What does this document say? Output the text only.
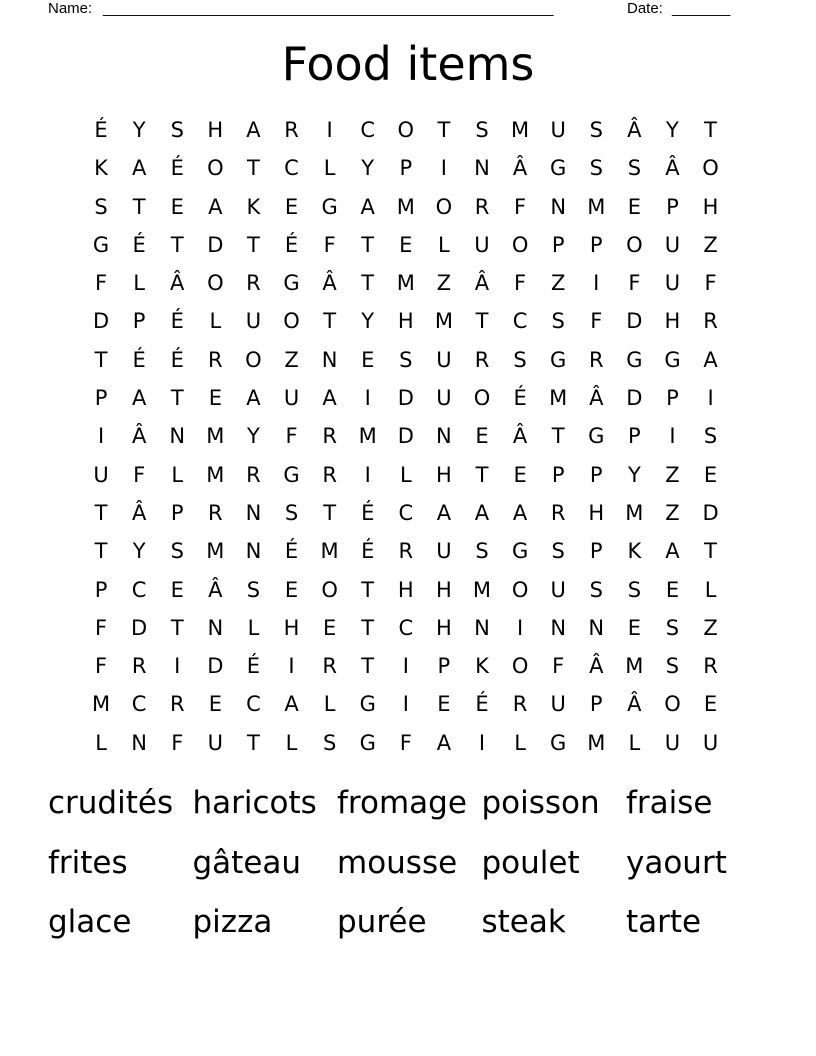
Name: ______________________________________________________	Date: _______
Food items
É	Y	S	H	A	R	I	C	O	T	S	M	U	S	Â	Y	T
K	A	É	O	T	C	L	Y	P	I	N	Â	G	S	S	Â	O
S	T	E	A	K	E	G	A	M O	R	F	N	M	E	P	H
G	É	T	D	T	É	F	T	E	L	U	O	P	P	O	U	Z
F	L	Â	O	R	G	Â	T	M	Z	Â	F	Z	I	F	U	F
D	P	É	L	U	O	T	Y	H	M	T	C	S	F	D	H	R
T	É	É	R	O	Z	N	E	S	U	R	S	G	R	G	G	A
P	A	T	E	A	U	A	I	D	U	O	É	M	Â	D	P	I
I	Â	N	M	Y	F	R	M D	N	E	Â	T	G	P	I	S
U	F	L	M	R	G	R	I	L	H	T	E	P	P	Y	Z	E
T	Â	P	R	N	S	T	É	C	A	A	A	R	H	M	Z	D
T	Y	S	M	N	É	M	É	R	U	S	G	S	P	K	A	T
P	C	E	Â	S	E	O	T	H	H	M O	U	S	S	E	L
F	D	T	N	L	H	E	T	C	H	N	I	N	N	E	S	Z
F	R	I	D	É	I	R	T	I	P	K	O	F	Â	M	S	R
M	C	R	E	C	A	L	G	I	E	É	R	U	P	Â	O	E
L	N	F	U	T	L	S	G	F	A	I	L	G M	L	U	U
crudités haricots fromage poisson fraise
frites	gâteau	mousse poulet	yaourt
glace	pizza	purée	steak	tarte
